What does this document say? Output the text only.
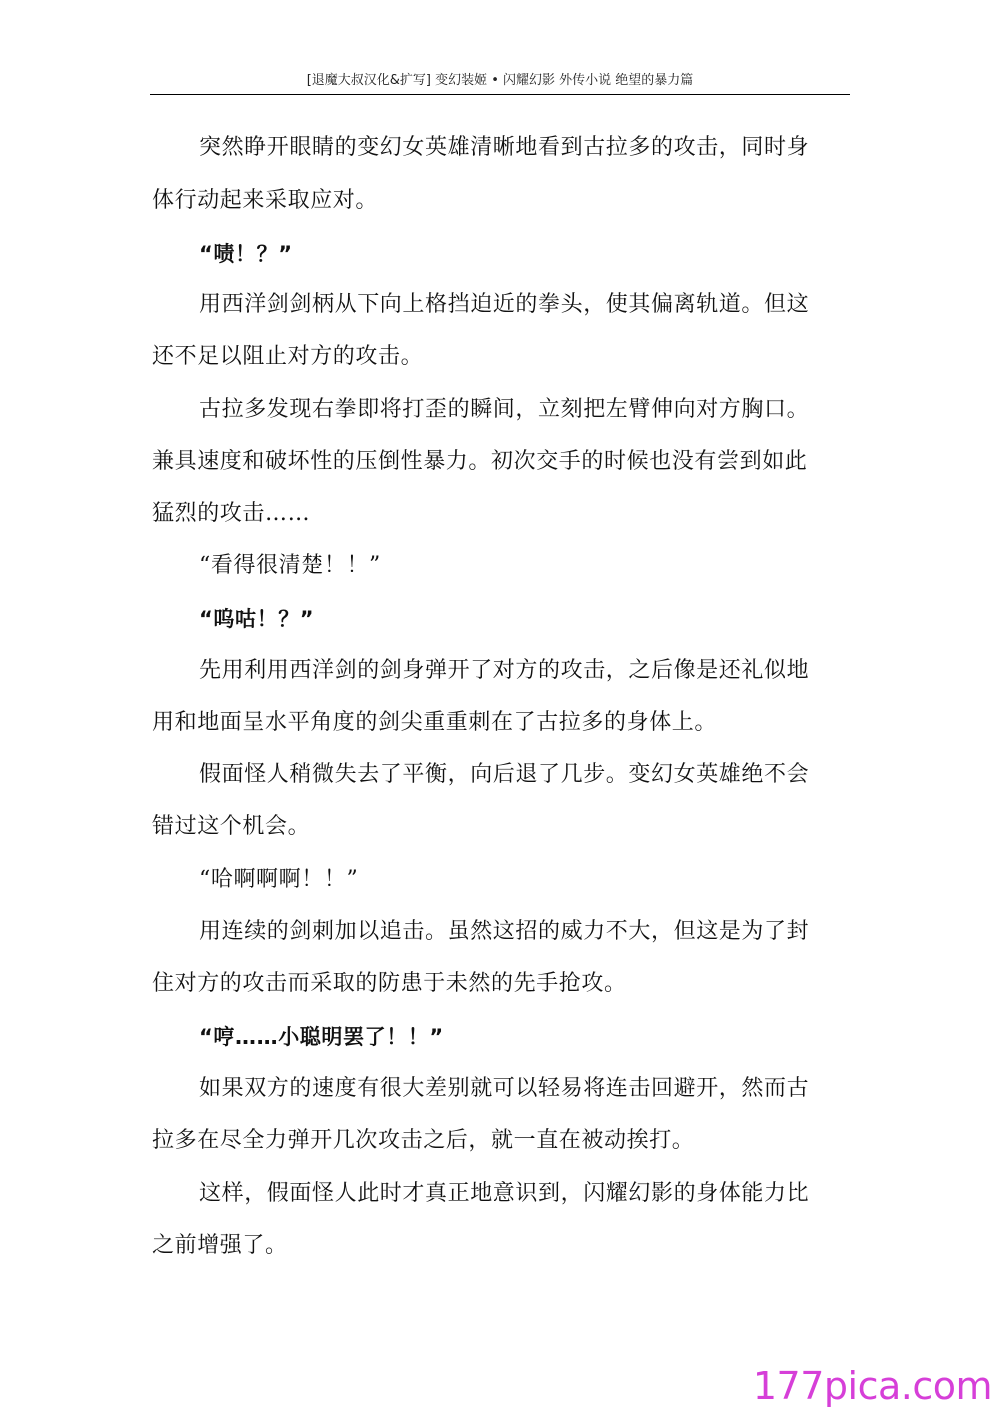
[退魔大叔汉化&扩写] 变幻装姬 • 闪耀幻影 外传小说 绝望的暴力篇
突然睁开眼睛的变幻女英雄清晰地看到古拉多的攻击，同时身
体行动起来采取应对。
“啧！？”
用西洋剑剑柄从下向上格挡迫近的拳头，使其偏离轨道。但这
还不足以阻止对方的攻击。
古拉多发现右拳即将打歪的瞬间，立刻把左臂伸向对方胸口。
兼具速度和破坏性的压倒性暴力。初次交手的时候也没有尝到如此
猛烈的攻击……
“看得很清楚！！”
“呜咕！？”
先用利用西洋剑的剑身弹开了对方的攻击，之后像是还礼似地
用和地面呈水平角度的剑尖重重刺在了古拉多的身体上。
假面怪人稍微失去了平衡，向后退了几步。变幻女英雄绝不会
错过这个机会。
“哈啊啊啊！！”
用连续的剑刺加以追击。虽然这招的威力不大，但这是为了封
住对方的攻击而采取的防患于未然的先手抢攻。
“哼……小聪明罢了！！”
如果双方的速度有很大差别就可以轻易将连击回避开，然而古
拉多在尽全力弹开几次攻击之后，就一直在被动挨打。
这样，假面怪人此时才真正地意识到，闪耀幻影的身体能力比
之前增强了。
177pica.com
